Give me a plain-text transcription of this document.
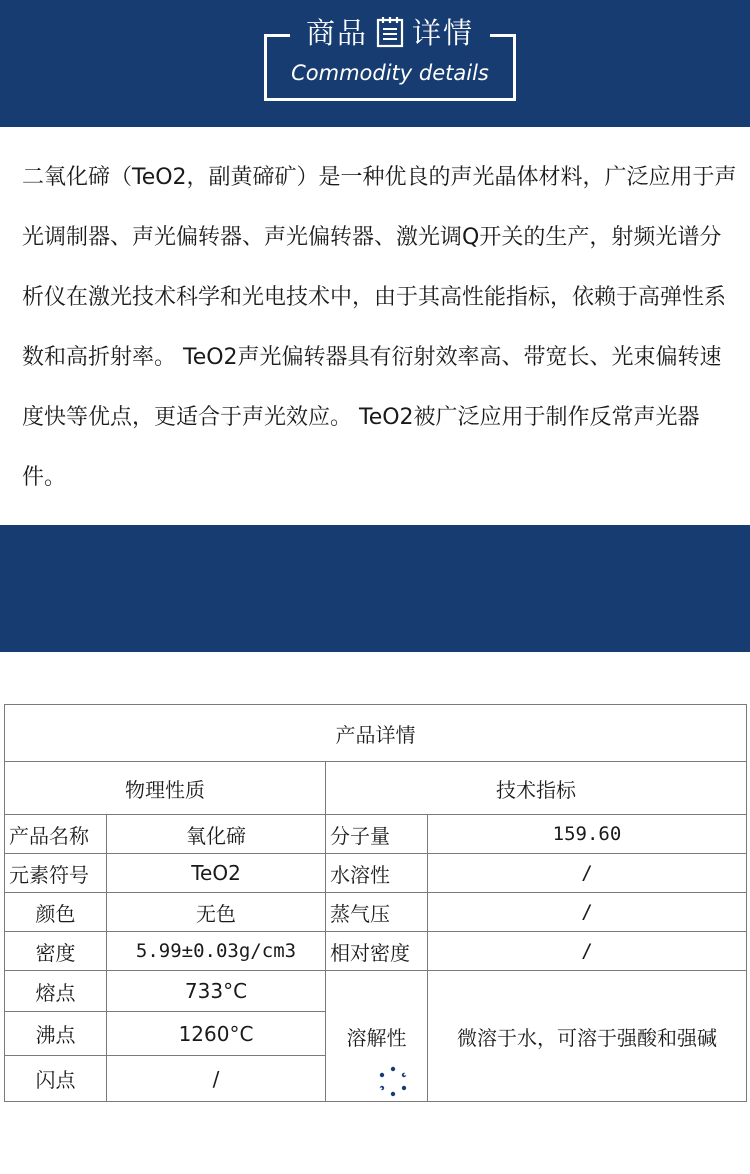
商品 详情
Commodity details
二氧化碲（TeO2，副黄碲矿）是一种优良的声光晶体材料，广泛应用于声光调制器、声光偏转器、声光偏转器、激光调Q开关的生产，射频光谱分析仪在激光技术科学和光电技术中，由于其高性能指标，依赖于高弹性系数和高折射率。 TeO2声光偏转器具有衍射效率高、带宽长、光束偏转速度快等优点，更适合于声光效应。 TeO2被广泛应用于制作反常声光器件。
化学 成分
Chemical composition
产品详情			
物理性质		技术指标	
产品名称	氧化碲	分子量	159.60
元素符号	TeO2	水溶性	/
颜色	无色	蒸气压	/
密度	5.99±0.03g/cm3	相对密度	/
熔点	733°C	溶解性	微溶于水，可溶于强酸和强碱
沸点	1260°C		
闪点	/		
